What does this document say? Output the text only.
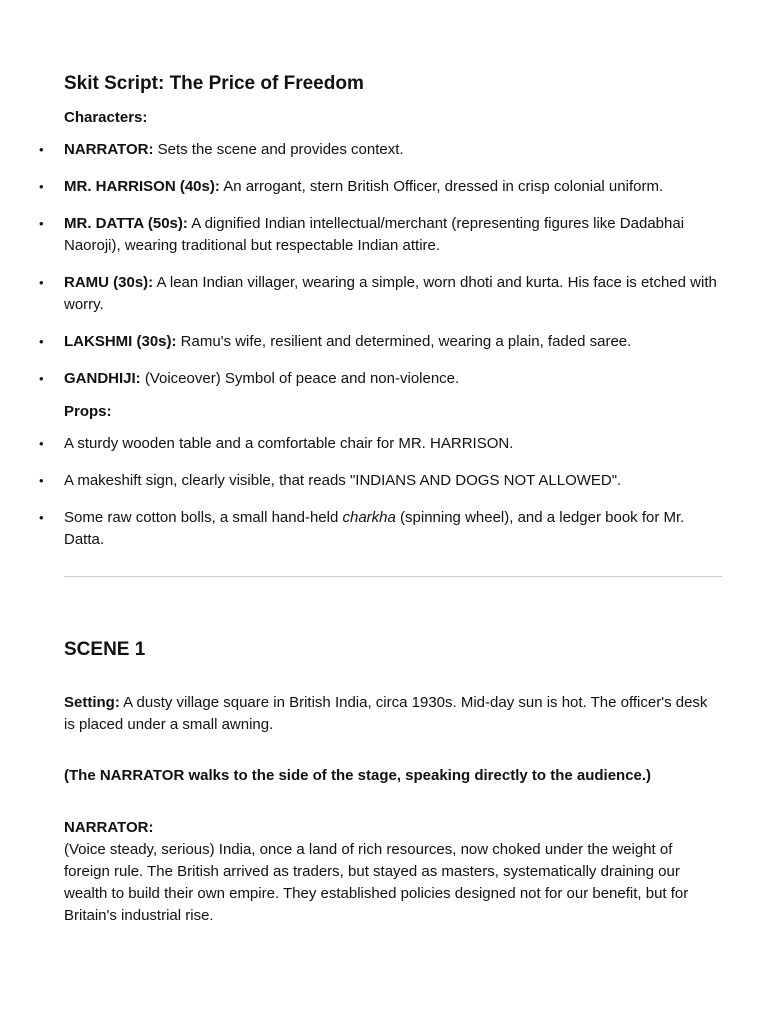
Skit Script: The Price of Freedom

Characters:

• NARRATOR: Sets the scene and provides context.
• MR. HARRISON (40s): An arrogant, stern British Officer, dressed in crisp colonial uniform.
• MR. DATTA (50s): A dignified Indian intellectual/merchant (representing figures like Dadabhai Naoroji), wearing traditional but respectable Indian attire.
• RAMU (30s): A lean Indian villager, wearing a simple, worn dhoti and kurta. His face is etched with worry.
• LAKSHMI (30s): Ramu's wife, resilient and determined, wearing a plain, faded saree.
• GANDHIJI: (Voiceover) Symbol of peace and non-violence.

Props:

• A sturdy wooden table and a comfortable chair for MR. HARRISON.
• A makeshift sign, clearly visible, that reads "INDIANS AND DOGS NOT ALLOWED".
• Some raw cotton bolls, a small hand-held charkha (spinning wheel), and a ledger book for Mr. Datta.
SCENE 1

Setting: A dusty village square in British India, circa 1930s. Mid-day sun is hot. The officer's desk is placed under a small awning.

(The NARRATOR walks to the side of the stage, speaking directly to the audience.)

NARRATOR:

(Voice steady, serious) India, once a land of rich resources, now choked under the weight of foreign rule. The British arrived as traders, but stayed as masters, systematically draining our wealth to build their own empire. They established policies designed not for our benefit, but for Britain's industrial rise.
